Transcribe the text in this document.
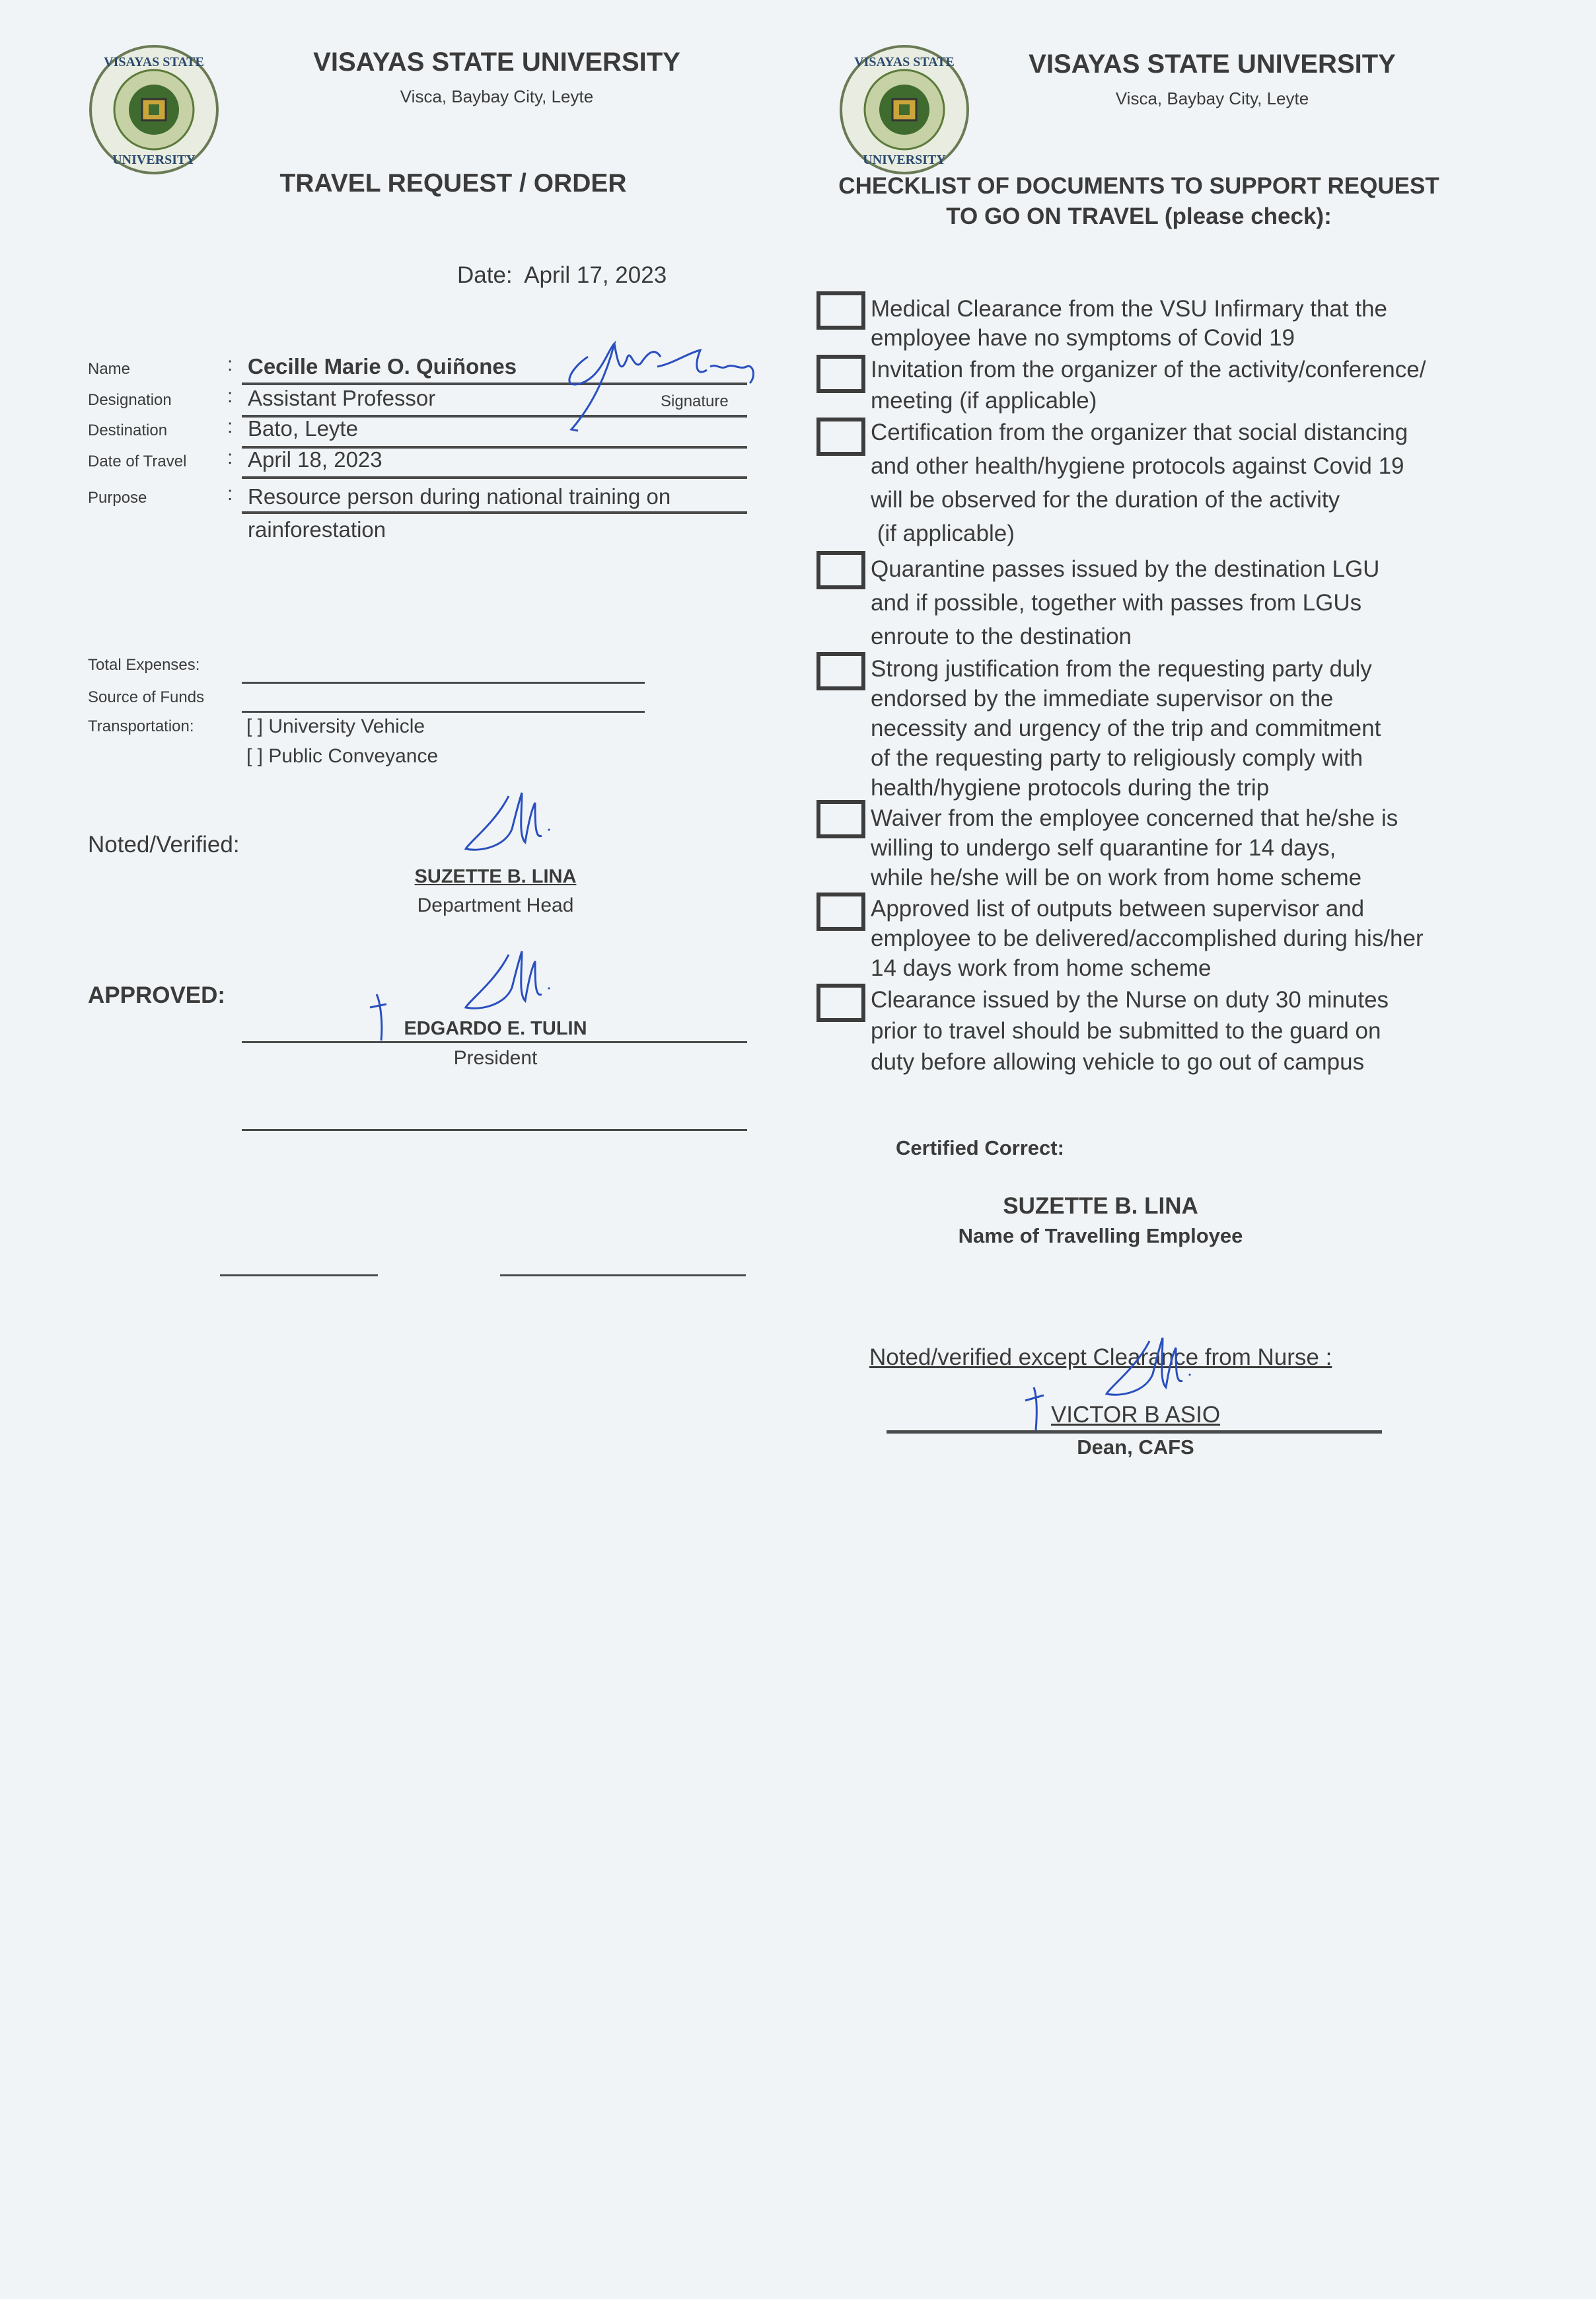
VISAYAS STATE
UNIVERSITY
VISAYAS STATE UNIVERSITY
Visca, Baybay City, Leyte
TRAVEL REQUEST / ORDER
Date: April 17, 2023
Name	: Cecille Marie O. Quiñones
Designation	: Assistant Professor	Signature
Destination	: Bato, Leyte
Date of Travel : April 18, 2023
Purpose	: Resource person during national training on
rainforestation
Total Expenses:
Source of Funds
Transportation:	[ ] University Vehicle
[ ] Public Conveyance
Noted/Verified:
SUZETTE B. LINA
Department Head
APPROVED:
EDGARDO E. TULIN
President
VISAYAS STATE
UNIVERSITY
VISAYAS STATE UNIVERSITY
Visca, Baybay City, Leyte
CHECKLIST OF DOCUMENTS TO SUPPORT REQUEST
TO GO ON TRAVEL (please check):
Medical Clearance from the VSU Infirmary that the
employee have no symptoms of Covid 19
Invitation from the organizer of the activity/conference/
meeting (if applicable)
Certification from the organizer that social distancing
and other health/hygiene protocols against Covid 19
will be observed for the duration of the activity
(if applicable)
Quarantine passes issued by the destination LGU
and if possible, together with passes from LGUs
enroute to the destination
Strong justification from the requesting party duly
endorsed by the immediate supervisor on the
necessity and urgency of the trip and commitment
of the requesting party to religiously comply with
health/hygiene protocols during the trip
Waiver from the employee concerned that he/she is
willing to undergo self quarantine for 14 days,
while he/she will be on work from home scheme
Approved list of outputs between supervisor and
employee to be delivered/accomplished during his/her
14 days work from home scheme
Clearance issued by the Nurse on duty 30 minutes
prior to travel should be submitted to the guard on
duty before allowing vehicle to go out of campus
Certified Correct:
SUZETTE B. LINA
Name of Travelling Employee
Noted/verified except Clearance from Nurse :
VICTOR B ASIO
Dean, CAFS
